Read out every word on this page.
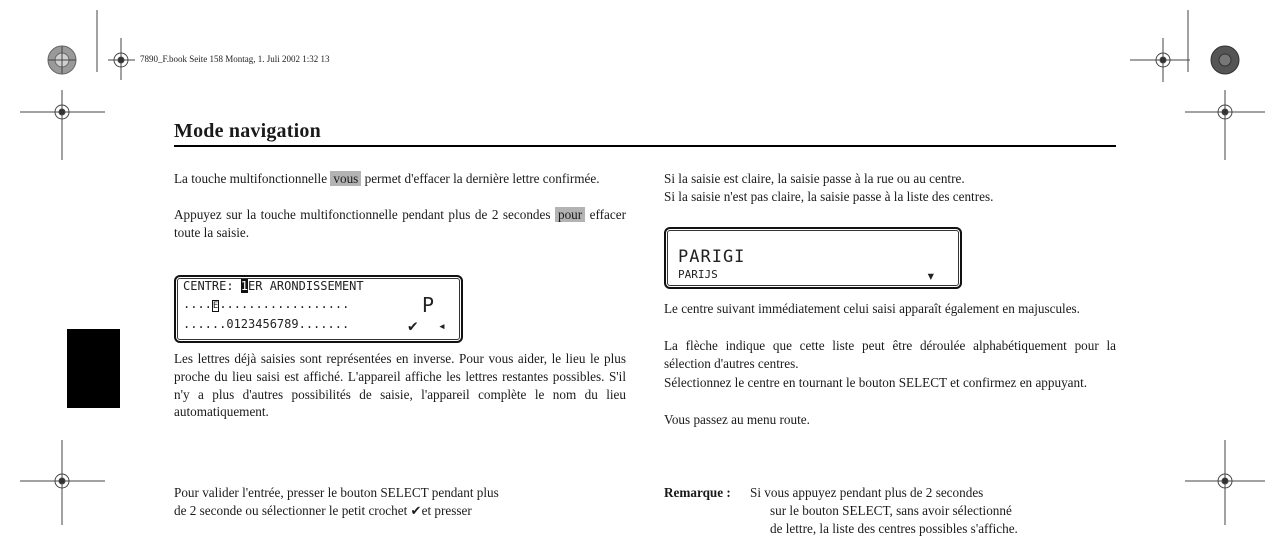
7890_F.book Seite 158 Montag, 1. Juli 2002 1:32 13
Mode navigation
La touche multifonctionnelle vous permet d'effacer la dernière lettre confirmée.
Appuyez sur la touche multifonctionnelle pendant plus de 2 secondes pour effacer toute la saisie.
CENTRE: 1ER ARONDISSEMENT
....E..................	P
......0123456789.......	✔ ◂
Les lettres déjà saisies sont représentées en inverse. Pour vous aider, le lieu le plus proche du lieu saisi est affiché. L'appareil affiche les lettres restantes possibles. S'il n'y a plus d'autres possibilités de saisie, l'appareil complète le nom du lieu automatiquement.
Pour valider l'entrée, presser le bouton SELECT pendant plus
de 2 seconde ou sélectionner le petit crochet ✔et presser
Si la saisie est claire, la saisie passe à la rue ou au centre.
Si la saisie n'est pas claire, la saisie passe à la liste des centres.
PARIGI
PARIJS	▾
Le centre suivant immédiatement celui saisi apparaît également en majuscules.
La flèche indique que cette liste peut être déroulée alphabétiquement pour la sélection d'autres centres.
Sélectionnez le centre en tournant le bouton SELECT et confirmez en appuyant.
Vous passez au menu route.
Remarque : Si vous appuyez pendant plus de 2 secondes
sur le bouton SELECT, sans avoir sélectionné
de lettre, la liste des centres possibles s'affiche.
